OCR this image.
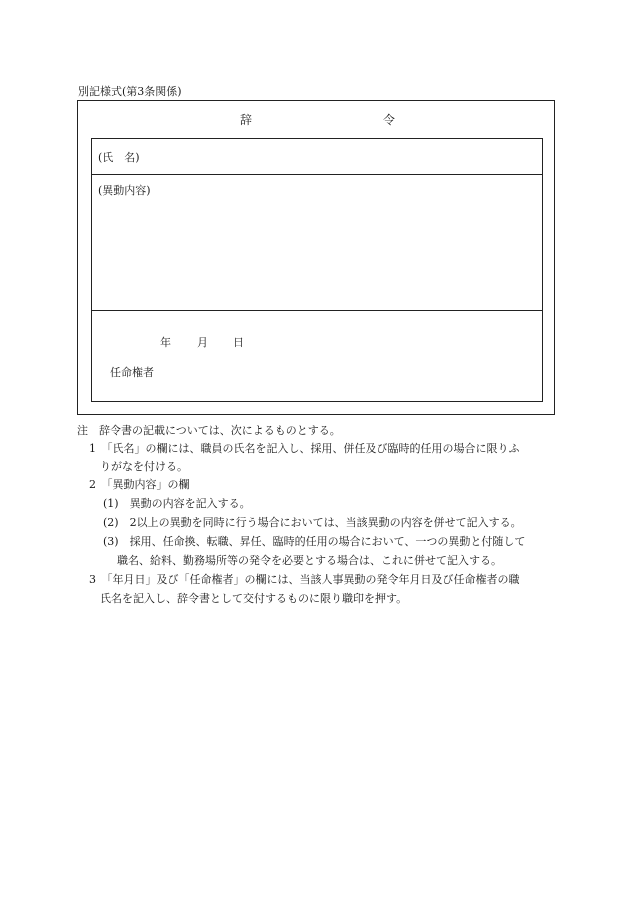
別記様式(第3条関係)
辞	令
(氏　名)
(異動内容)
年 月 日
任命権者
注　辞令書の記載については、次によるものとする。
1　「氏名」の欄には、職員の氏名を記入し、採用、併任及び臨時的任用の場合に限りふ
りがなを付ける。
2　「異動内容」の欄
(1)　異動の内容を記入する。
(2)　2以上の異動を同時に行う場合においては、当該異動の内容を併せて記入する。
(3)　採用、任命換、転職、昇任、臨時的任用の場合において、一つの異動と付随して
職名、給料、勤務場所等の発令を必要とする場合は、これに併せて記入する。
3　「年月日」及び「任命権者」の欄には、当該人事異動の発令年月日及び任命権者の職
氏名を記入し、辞令書として交付するものに限り職印を押す。
